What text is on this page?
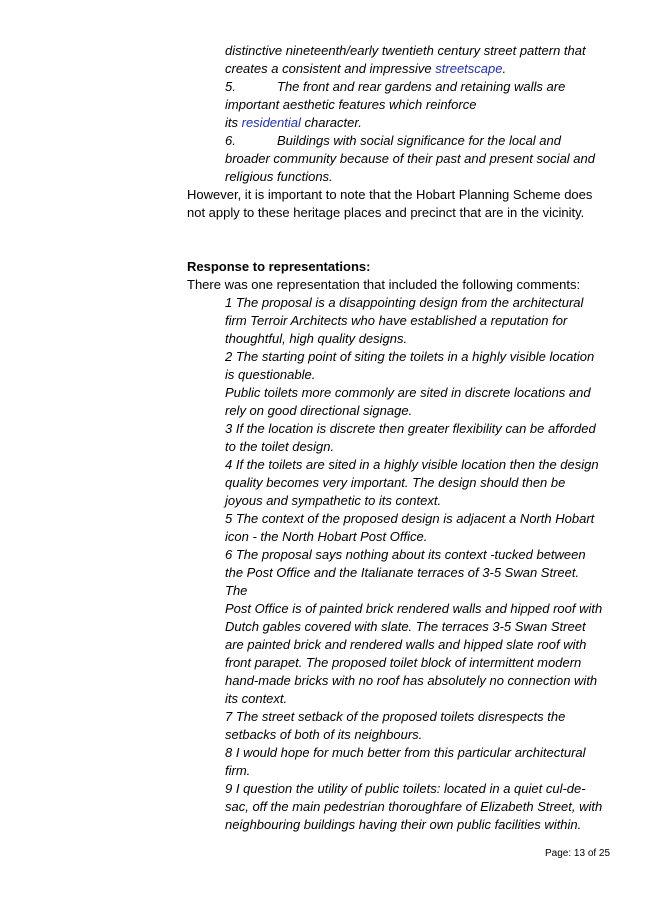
distinctive nineteenth/early twentieth century street pattern that

creates a consistent and impressive streetscape.

5.	The front and rear gardens and retaining walls are

important aesthetic features which reinforce

its residential character.

6.	Buildings with social significance for the local and

broader community because of their past and present social and

religious functions.

However, it is important to note that the Hobart Planning Scheme does

not apply to these heritage places and precinct that are in the vicinity.

Response to representations:
There was one representation that included the following comments:

1 The proposal is a disappointing design from the architectural

firm Terroir Architects who have established a reputation for

thoughtful, high quality designs.

2 The starting point of siting the toilets in a highly visible location

is questionable.

Public toilets more commonly are sited in discrete locations and

rely on good directional signage.

3 If the location is discrete then greater flexibility can be afforded

to the toilet design.

4 If the toilets are sited in a highly visible location then the design

quality becomes very important. The design should then be

joyous and sympathetic to its context.

5 The context of the proposed design is adjacent a North Hobart

icon - the North Hobart Post Office.

6 The proposal says nothing about its context -tucked between

the Post Office and the Italianate terraces of 3-5 Swan Street. The

Post Office is of painted brick rendered walls and hipped roof with

Dutch gables covered with slate. The terraces 3-5 Swan Street

are painted brick and rendered walls and hipped slate roof with

front parapet. The proposed toilet block of intermittent modern

hand-made bricks with no roof has absolutely no connection with

its context.

7 The street setback of the proposed toilets disrespects the

setbacks of both of its neighbours.

8 I would hope for much better from this particular architectural

firm.

9 I question the utility of public toilets: located in a quiet cul-de-

sac, off the main pedestrian thoroughfare of Elizabeth Street, with

neighbouring buildings having their own public facilities within.

Page: 13 of 25
